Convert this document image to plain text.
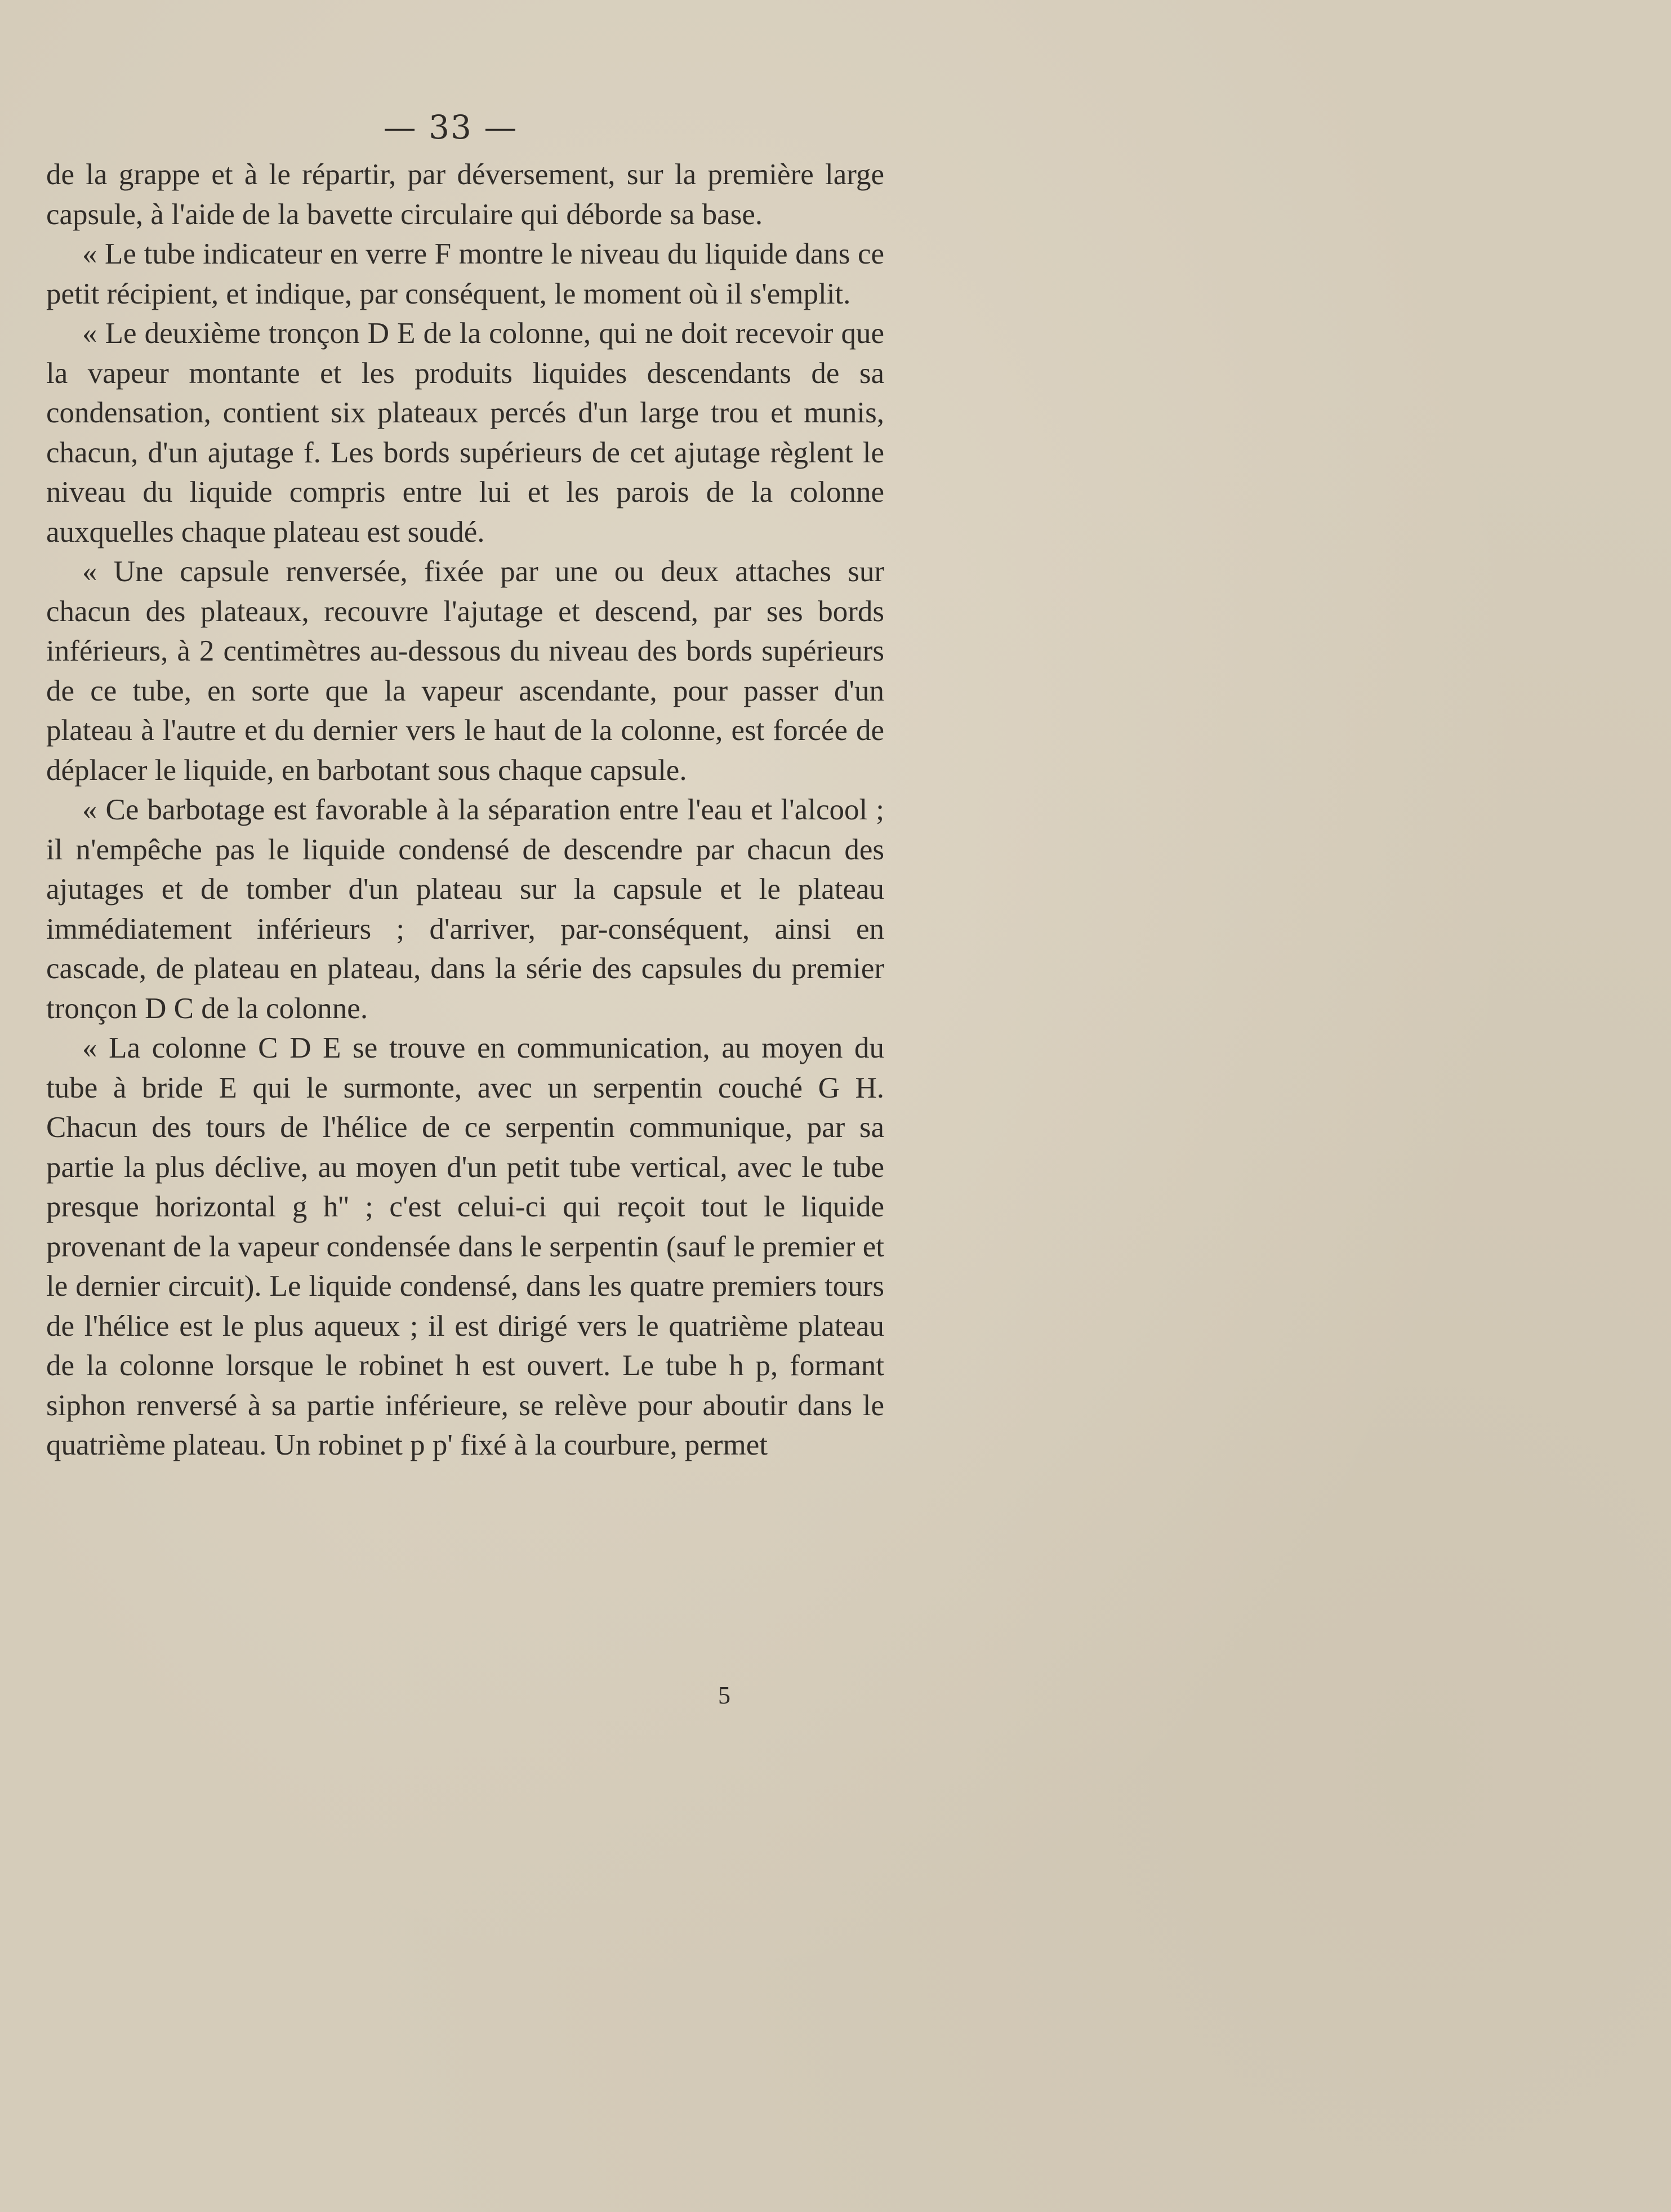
— 33 —

de la grappe et à le répartir, par déversement, sur la première large capsule, à l'aide de la bavette circulaire qui déborde sa base.

« Le tube indicateur en verre F montre le niveau du liquide dans ce petit récipient, et indique, par conséquent, le moment où il s'emplit.

« Le deuxième tronçon D E de la colonne, qui ne doit recevoir que la vapeur montante et les produits liquides descendants de sa condensation, contient six plateaux percés d'un large trou et munis, chacun, d'un ajutage f. Les bords supérieurs de cet ajutage règlent le niveau du liquide compris entre lui et les parois de la colonne auxquelles chaque plateau est soudé.

« Une capsule renversée, fixée par une ou deux attaches sur chacun des plateaux, recouvre l'ajutage et descend, par ses bords inférieurs, à 2 centimètres au-dessous du niveau des bords supérieurs de ce tube, en sorte que la vapeur ascendante, pour passer d'un plateau à l'autre et du dernier vers le haut de la colonne, est forcée de déplacer le liquide, en barbotant sous chaque capsule.

« Ce barbotage est favorable à la séparation entre l'eau et l'alcool ; il n'empêche pas le liquide condensé de descendre par chacun des ajutages et de tomber d'un plateau sur la capsule et le plateau immédiatement inférieurs ; d'arriver, par-conséquent, ainsi en cascade, de plateau en plateau, dans la série des capsules du premier tronçon D C de la colonne.

« La colonne C D E se trouve en communication, au moyen du tube à bride E qui le surmonte, avec un serpentin couché G H. Chacun des tours de l'hélice de ce serpentin communique, par sa partie la plus déclive, au moyen d'un petit tube vertical, avec le tube presque horizontal g h'' ; c'est celui-ci qui reçoit tout le liquide provenant de la vapeur condensée dans le serpentin (sauf le premier et le dernier circuit). Le liquide condensé, dans les quatre premiers tours de l'hélice est le plus aqueux ; il est dirigé vers le quatrième plateau de la colonne lorsque le robinet h est ouvert. Le tube h p, formant siphon renversé à sa partie inférieure, se relève pour aboutir dans le quatrième plateau. Un robinet p p' fixé à la courbure, permet

5
